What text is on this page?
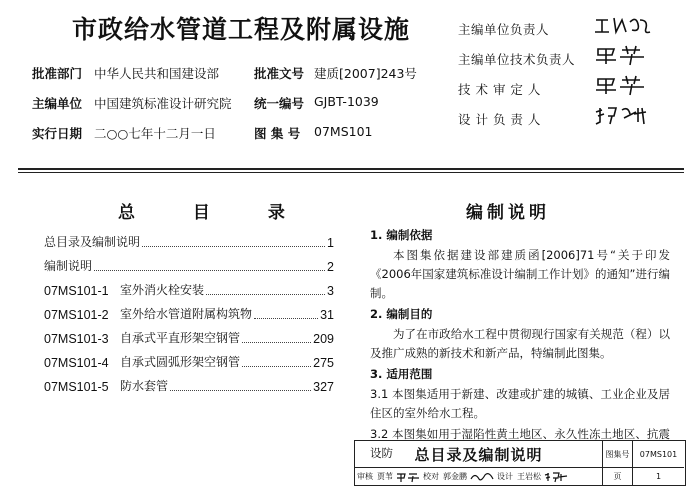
市政给水管道工程及附属设施
批准部门 中华人民共和国建设部	批准文号 建质[2007]243号
主编单位 中国建筑标准设计研究院 统一编号 GJBT-1039
实行日期 二○○七年十二月一日	图 集 号 07MS101
主编单位负责人
主编单位技术负责人
技 术 审 定 人
设 计 负 责 人
总 目 录
总目录及编制说明	1
编制说明	2
07MS101-1 室外消火栓安装	3
07MS101-2 室外给水管道附属构筑物	31
07MS101-3 自承式平直形架空钢管	209
07MS101-4 自承式圆弧形架空钢管	275
07MS101-5 防水套管	327
编制说明
1. 编制依据

本图集依据建设部建质函[2006]71号“关于印发《2006年国家建筑标准设计编制工作计划》的通知”进行编制。

2. 编制目的

为了在市政给水工程中贯彻现行国家有关规范（程）以及推广成熟的新技术和新产品，特编制此图集。

3. 适用范围

3.1 本图集适用于新建、改建或扩建的城镇、工业企业及居住区的室外给水工程。

3.2 本图集如用于湿陷性黄土地区、永久性冻土地区、抗震设防	总目录及编制说明	图集号	07MS101
页	1
审核 贾苇	校对 郭金鹏	设计 王岩松
